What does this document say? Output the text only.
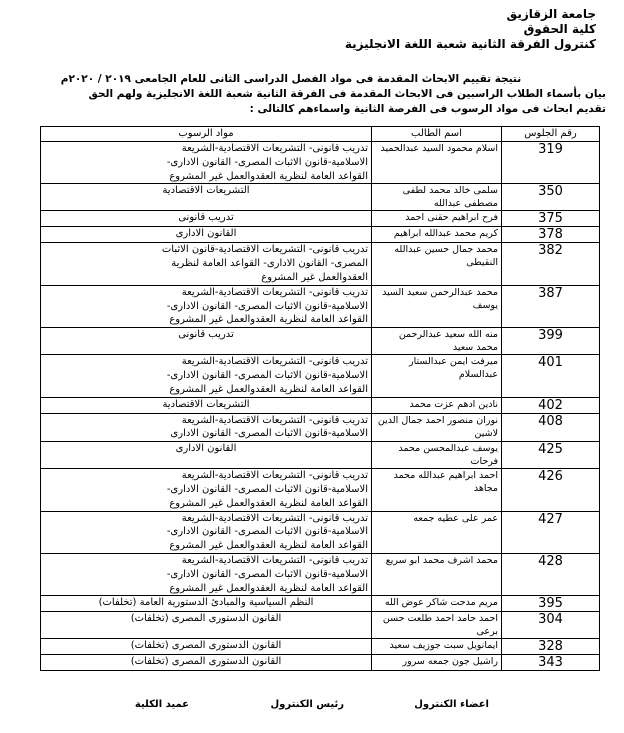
جامعة الزقازيق
كلية الحقوق
كنترول الفرقة الثانية شعبة اللغة الانجليزية
نتيجة تقييم الابحاث المقدمة فى مواد الفصل الدراسى الثانى للعام الجامعى ٢٠١٩ / ٢٠٢٠م
بيان بأسماء الطلاب الراسبين فى الابحاث المقدمة فى الفرقة الثانية شعبة اللغة الانجليزية ولهم الحق
تقديم ابحاث فى مواد الرسوب فى الفرصة الثانية واسماءهم كالتالى :
رقم الجلوس	اسم الطالب	مواد الرسوب
319	اسلام محمود السيد عبدالحميد	تدريب قانونى- التشريعات الاقتصادية-الشريعة
الاسلامية-قانون الاثبات المصرى- القانون الادارى-
القواعد العامة لنظرية العقدوالعمل غير المشروع

350	سلمى خالد محمد لطفى مصطفى عبدالله	التشريعات الاقتصادية

375	فرح ابراهيم حقنى احمد	تدريب قانونى

378	كريم محمد عبدالله ابراهيم	القانون الادارى

382	محمد جمال حسين عبدالله النقيطى	تدريب قانونى- التشريعات الاقتصادية-قانون الاثبات
المصرى- القانون الادارى- القواعد العامة لنظرية
العقدوالعمل غير المشروع

387	محمد عبدالرحمن سعيد السيد يوسف	تدريب قانونى- التشريعات الاقتصادية-الشريعة
الاسلامية-قانون الاثبات المصرى- القانون الادارى-
القواعد العامة لنظرية العقدوالعمل غير المشروع

399	منه الله سعيد عبدالرحمن محمد سعيد	تدريب قانونى

401	ميرفت ايمن عبدالستار عبدالسلام	تدريب قانونى- التشريعات الاقتصادية-الشريعة
الاسلامية-قانون الاثبات المصرى- القانون الادارى-
القواعد العامة لنظرية العقدوالعمل غير المشروع

402	نادين ادهم عزت محمد	التشريعات الاقتصادية

408	نوران منصور احمد جمال الدين لاشين	تدريب قانونى- التشريعات الاقتصادية-الشريعة
الاسلامية-قانون الاثبات المصرى- القانون الادارى

425	يوسف عبدالمحسن محمد فرحات	القانون الادارى

426	احمد ابراهيم عبدالله محمد مجاهد	تدريب قانونى- التشريعات الاقتصادية-الشريعة
الاسلامية-قانون الاثبات المصرى- القانون الادارى-
القواعد العامة لنظرية العقدوالعمل غير المشروع

427	عمر على عطيه جمعه	تدريب قانونى- التشريعات الاقتصادية-الشريعة
الاسلامية-قانون الاثبات المصرى- القانون الادارى-
القواعد العامة لنظرية العقدوالعمل غير المشروع

428	محمد اشرف محمد ابو سريع	تدريب قانونى- التشريعات الاقتصادية-الشريعة
الاسلامية-قانون الاثبات المصرى- القانون الادارى-
القواعد العامة لنظرية العقدوالعمل غير المشروع

395	مريم مدحت شاكر عوض الله	النظم السياسية والمبادئ الدستورية العامة (تخلفات)

304	احمد حامد احمد طلعت حسن برعى	القانون الدستورى المصرى (تخلفات)

328	ايمانويل سبت جوزيف سعيد	القانون الدستورى المصرى (تخلفات)

343	راشيل جون جمعه سرور	القانون الدستورى المصرى (تخلفات)
اعضاء الكنترول
رئيس الكنترول
عميد الكلية
